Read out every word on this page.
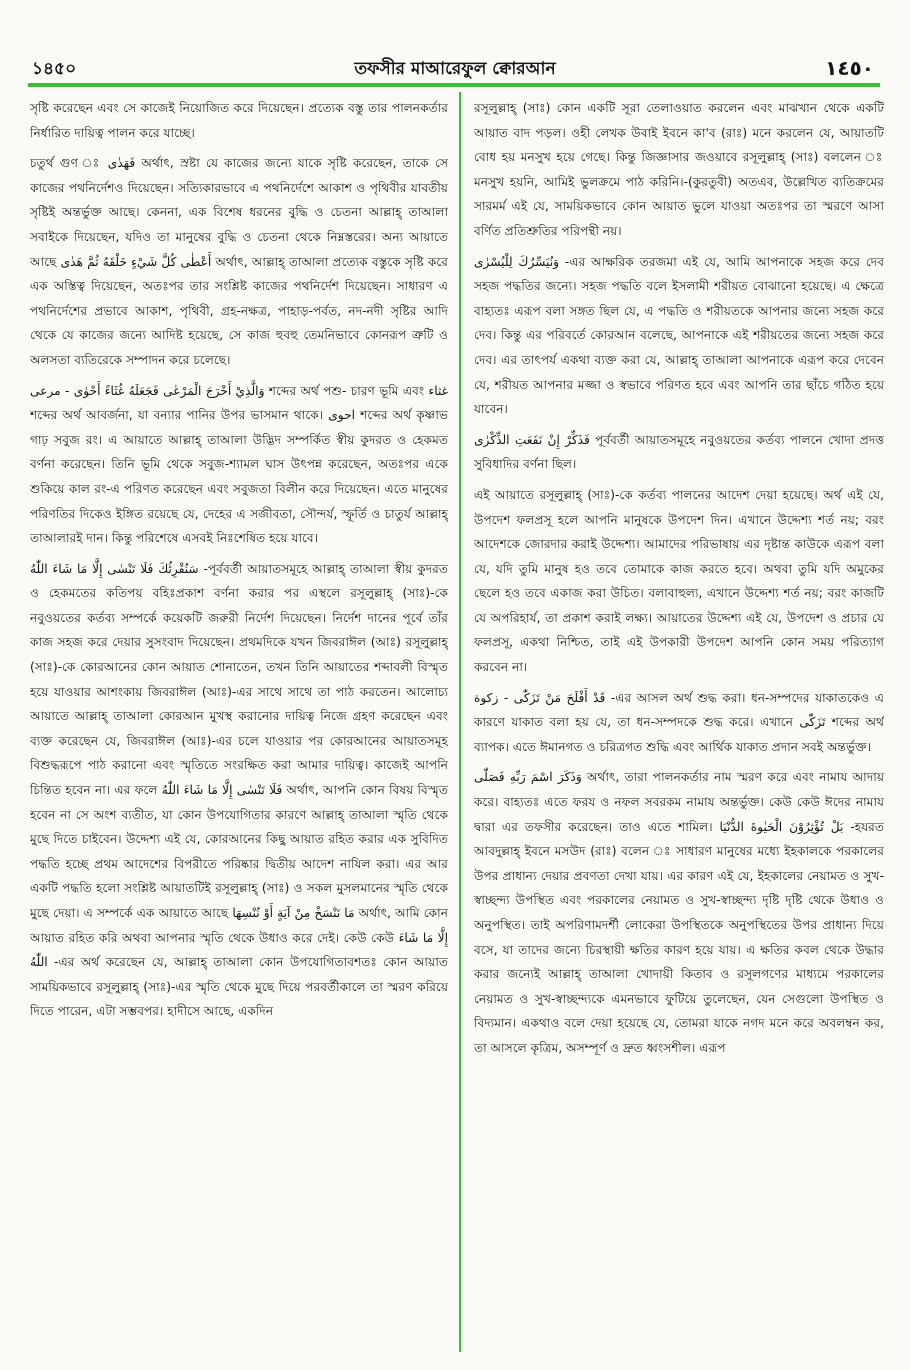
১৪৫০	তফসীর মাআরেফুল ক্বোরআন	١٤٥٠

সৃষ্টি করেছেন এবং সে কাজেই নিয়োজিত করে দিয়েছেন। প্রত্যেক বস্তু তার পালনকর্তার নির্ধারিত দায়িত্ব পালন করে যাচ্ছে।

চতুর্থ গুণ ঃ فَهَدٰى অর্থাৎ, স্রষ্টা যে কাজের জন্যে যাকে সৃষ্টি করেছেন, তাকে সে কাজের পথনির্দেশও দিয়েছেন। সত্যিকারভাবে এ পথনির্দেশে আকাশ ও পৃথিবীর যাবতীয় সৃষ্টিই অন্তর্ভুক্ত আছে। কেননা, এক বিশেষ ধরনের বুদ্ধি ও চেতনা আল্লাহ্ তাআলা সবাইকে দিয়েছেন, যদিও তা মানুষের বুদ্ধি ও চেতনা থেকে নিম্নস্তরের। অন্য আয়াতে আছে أَعْطٰى كُلَّ شَيْءٍ خَلْقَهُ ثُمَّ هَدٰى অর্থাৎ, আল্লাহ্ তাআলা প্রত্যেক বস্তুকে সৃষ্টি করে এক অস্তিত্ব দিয়েছেন, অতঃপর তার সংশ্লিষ্ট কাজের পথনির্দেশ দিয়েছেন। সাধারণ এ পথনির্দেশের প্রভাবে আকাশ, পৃথিবী, গ্রহ-নক্ষত্র, পাহাড়-পর্বত, নদ-নদী সৃষ্টির আদি থেকে যে কাজের জন্যে আদিষ্ট হয়েছে, সে কাজ হুবহু তেমনিভাবে কোনরূপ ত্রুটি ও অলসতা ব্যতিরেকে সম্পাদন করে চলেছে।

وَالَّذِيْ أَخْرَجَ الْمَرْعٰى فَجَعَلَهُ غُثَاءً أَحْوٰى - مرعى শব্দের অর্থ পশু- চারণ ভূমি এবং غثاء শব্দের অর্থ আবর্জনা, যা বন্যার পানির উপর ভাসমান থাকে। احوى শব্দের অর্থ কৃষ্ণাভ গাঢ় সবুজ রং। এ আয়াতে আল্লাহ্ তাআলা উদ্ভিদ সম্পর্কিত স্বীয় কুদরত ও হেকমত বর্ণনা করেছেন। তিনি ভূমি থেকে সবুজ-শ্যামল ঘাস উৎপন্ন করেছেন, অতঃপর একে শুকিয়ে কাল রং-এ পরিণত করেছেন এবং সবুজতা বিলীন করে দিয়েছেন। এতে মানুষের পরিণতির দিকেও ইঙ্গিত রয়েছে যে, দেহের এ সজীবতা, সৌন্দর্য, স্ফূর্তি ও চাতুর্য আল্লাহ্ তাআলারই দান। কিন্তু পরিশেষে এসবই নিঃশেষিত হয়ে যাবে।

سَنُقْرِئُكَ فَلَا تَنْسٰى إِلَّا مَا شَاءَ اللّٰهُ -পূর্ববর্তী আয়াতসমূহে আল্লাহ্ তাআলা স্বীয় কুদরত ও হেকমতের কতিপয় বহিঃপ্রকাশ বর্ণনা করার পর এস্থলে রসূলুল্লাহ্ (সাঃ)-কে নবুওয়তের কর্তব্য সম্পর্কে কয়েকটি জরুরী নির্দেশ দিয়েছেন। নির্দেশ দানের পূর্বে তাঁর কাজ সহজ করে দেয়ার সুসংবাদ দিয়েছেন। প্রথমদিকে যখন জিবরাঈল (আঃ) রসূলুল্লাহ্ (সাঃ)-কে কোরআনের কোন আয়াত শোনাতেন, তখন তিনি আয়াতের শব্দাবলী বিস্মৃত হয়ে যাওয়ার আশংকায় জিবরাঈল (আঃ)-এর সাথে সাথে তা পাঠ করতেন। আলোচ্য আয়াতে আল্লাহ্ তাআলা কোরআন মুখস্থ করানোর দায়িত্ব নিজে গ্রহণ করেছেন এবং ব্যক্ত করেছেন যে, জিবরাঈল (আঃ)-এর চলে যাওয়ার পর কোরআনের আয়াতসমূহ বিশুদ্ধরূপে পাঠ করানো এবং স্মৃতিতে সংরক্ষিত করা আমার দায়িত্ব। কাজেই আপনি চিন্তিত হবেন না। এর ফলে فَلَا تَنْسٰى إِلَّا مَا شَاءَ اللّٰهُ অর্থাৎ, আপনি কোন বিষয় বিস্মৃত হবেন না সে অংশ ব্যতীত, যা কোন উপযোগিতার কারণে আল্লাহ্ তাআলা স্মৃতি থেকে মুছে দিতে চাইবেন। উদ্দেশ্য এই যে, কোরআনের কিছু আয়াত রহিত করার এক সুবিদিত পদ্ধতি হচ্ছে প্রথম আদেশের বিপরীতে পরিষ্কার দ্বিতীয় আদেশ নাযিল করা। এর আর একটি পদ্ধতি হলো সংশ্লিষ্ট আয়াতটিই রসূলুল্লাহ্ (সাঃ) ও সকল মুসলমানের স্মৃতি থেকে মুছে দেয়া। এ সম্পর্কে এক আয়াতে আছে مَا نَنْسَخْ مِنْ آيَةٍ أَوْ نُنْسِهَا অর্থাৎ, আমি কোন আয়াত রহিত করি অথবা আপনার স্মৃতি থেকে উধাও করে দেই। কেউ কেউ إِلَّا مَا شَاءَ اللّٰهُ -এর অর্থ করেছেন যে, আল্লাহ্ তাআলা কোন উপযোগিতাবশতঃ কোন আয়াত সাময়িকভাবে রসূলুল্লাহ্ (সাঃ)-এর স্মৃতি থেকে মুছে দিয়ে পরবর্তীকালে তা স্মরণ করিয়ে দিতে পারেন, এটা সম্ভবপর। হাদীসে আছে, একদিন

রসূলুল্লাহ্ (সাঃ) কোন একটি সূরা তেলাওয়াত করলেন এবং মাঝখান থেকে একটি আয়াত বাদ পড়ল। ওহী লেখক উবাই ইবনে কা'ব (রাঃ) মনে করলেন যে, আয়াতটি বোধ হয় মনসুখ হয়ে গেছে। কিন্তু জিজ্ঞাসার জওয়াবে রসূলুল্লাহ্ (সাঃ) বললেন ঃ মনসুখ হয়নি, আমিই ভুলক্রমে পাঠ করিনি।-(কুরতুবী) অতএব, উল্লেখিত ব্যতিক্রমের সারমর্ম এই যে, সাময়িকভাবে কোন আয়াত ভুলে যাওয়া অতঃপর তা স্মরণে আসা বর্ণিত প্রতিশ্রুতির পরিপন্থী নয়।

وَنُيَسِّرُكَ لِلْيُسْرٰى -এর আক্ষরিক তরজমা এই যে, আমি আপনাকে সহজ করে দেব সহজ পদ্ধতির জন্যে। সহজ পদ্ধতি বলে ইসলামী শরীয়ত বোঝানো হয়েছে। এ ক্ষেত্রে বাহ্যতঃ এরূপ বলা সঙ্গত ছিল যে, এ পদ্ধতি ও শরীয়তকে আপনার জন্যে সহজ করে দেব। কিন্তু এর পরিবর্তে কোরআন বলেছে, আপনাকে এই শরীয়তের জন্যে সহজ করে দেব। এর তাৎপর্য একথা ব্যক্ত করা যে, আল্লাহ্ তাআলা আপনাকে এরূপ করে দেবেন যে, শরীয়ত আপনার মজ্জা ও স্বভাবে পরিণত হবে এবং আপনি তার ছাঁচে গঠিত হয়ে যাবেন।

فَذَكِّرْ إِنْ نَفَعَتِ الذِّكْرٰى পূর্ববর্তী আয়াতসমূহে নবুওয়তের কর্তব্য পালনে খোদা প্রদত্ত সুবিধাদির বর্ণনা ছিল।

এই আয়াতে রসূলুল্লাহ্ (সাঃ)-কে কর্তব্য পালনের আদেশ দেয়া হয়েছে। অর্থ এই যে, উপদেশ ফলপ্রসূ হলে আপনি মানুষকে উপদেশ দিন। এখানে উদ্দেশ্য শর্ত নয়; বরং আদেশকে জোরদার করাই উদ্দেশ্য। আমাদের পরিভাষায় এর দৃষ্টান্ত কাউকে এরূপ বলা যে, যদি তুমি মানুষ হও তবে তোমাকে কাজ করতে হবে। অথবা তুমি যদি অমুকের ছেলে হও তবে একাজ করা উচিত। বলাবাহুল্য, এখানে উদ্দেশ্য শর্ত নয়; বরং কাজটি যে অপরিহার্য, তা প্রকাশ করাই লক্ষ্য। আয়াতের উদ্দেশ্য এই যে, উপদেশ ও প্রচার যে ফলপ্রসূ, একথা নিশ্চিত, তাই এই উপকারী উপদেশ আপনি কোন সময় পরিত্যাগ করবেন না।

قَدْ أَفْلَحَ مَنْ تَزَكّٰى - زكوة -এর আসল অর্থ শুদ্ধ করা। ধন-সম্পদের যাকাতকেও এ কারণে যাকাত বলা হয় যে, তা ধন-সম্পদকে শুদ্ধ করে। এখানে تَزَكّٰى শব্দের অর্থ ব্যাপক। এতে ঈমানগত ও চরিত্রগত শুদ্ধি এবং আর্থিক যাকাত প্রদান সবই অন্তর্ভুক্ত।

وَذَكَرَ اسْمَ رَبِّهِ فَصَلّٰى অর্থাৎ, তারা পালনকর্তার নাম স্মরণ করে এবং নামায আদায় করে। বাহ্যতঃ এতে ফরয ও নফল সবরকম নামায অন্তর্ভুক্ত। কেউ কেউ ঈদের নামায দ্বারা এর তফসীর করেছেন। তাও এতে শামিল। بَلْ تُؤْثِرُوْنَ الْحَيٰوةَ الدُّنْيَا -হযরত আবদুল্লাহ্ ইবনে মসউদ (রাঃ) বলেন ঃ সাধারণ মানুষের মধ্যে ইহকালকে পরকালের উপর প্রাধান্য দেয়ার প্রবণতা দেখা যায়। এর কারণ এই যে, ইহকালের নেয়ামত ও সুখ-স্বাচ্ছন্দ্য উপস্থিত এবং পরকালের নেয়ামত ও সুখ-স্বাচ্ছন্দ্য দৃষ্টি দৃষ্টি থেকে উধাও ও অনুপস্থিত। তাই অপরিণামদর্শী লোকেরা উপস্থিতকে অনুপস্থিতের উপর প্রাধান্য দিয়ে বসে, যা তাদের জন্যে চিরস্থায়ী ক্ষতির কারণ হয়ে যায়। এ ক্ষতির কবল থেকে উদ্ধার করার জন্যেই আল্লাহ্ তাআলা খোদায়ী কিতাব ও রসূলগণের মাধ্যমে পরকালের নেয়ামত ও সুখ-স্বাচ্ছন্দ্যকে এমনভাবে ফুটিয়ে তুলেছেন, যেন সেগুলো উপস্থিত ও বিদ্যমান। একথাও বলে দেয়া হয়েছে যে, তোমরা যাকে নগদ মনে করে অবলম্বন কর, তা আসলে কৃত্রিম, অসম্পূর্ণ ও দ্রুত ধ্বংসশীল। এরূপ
